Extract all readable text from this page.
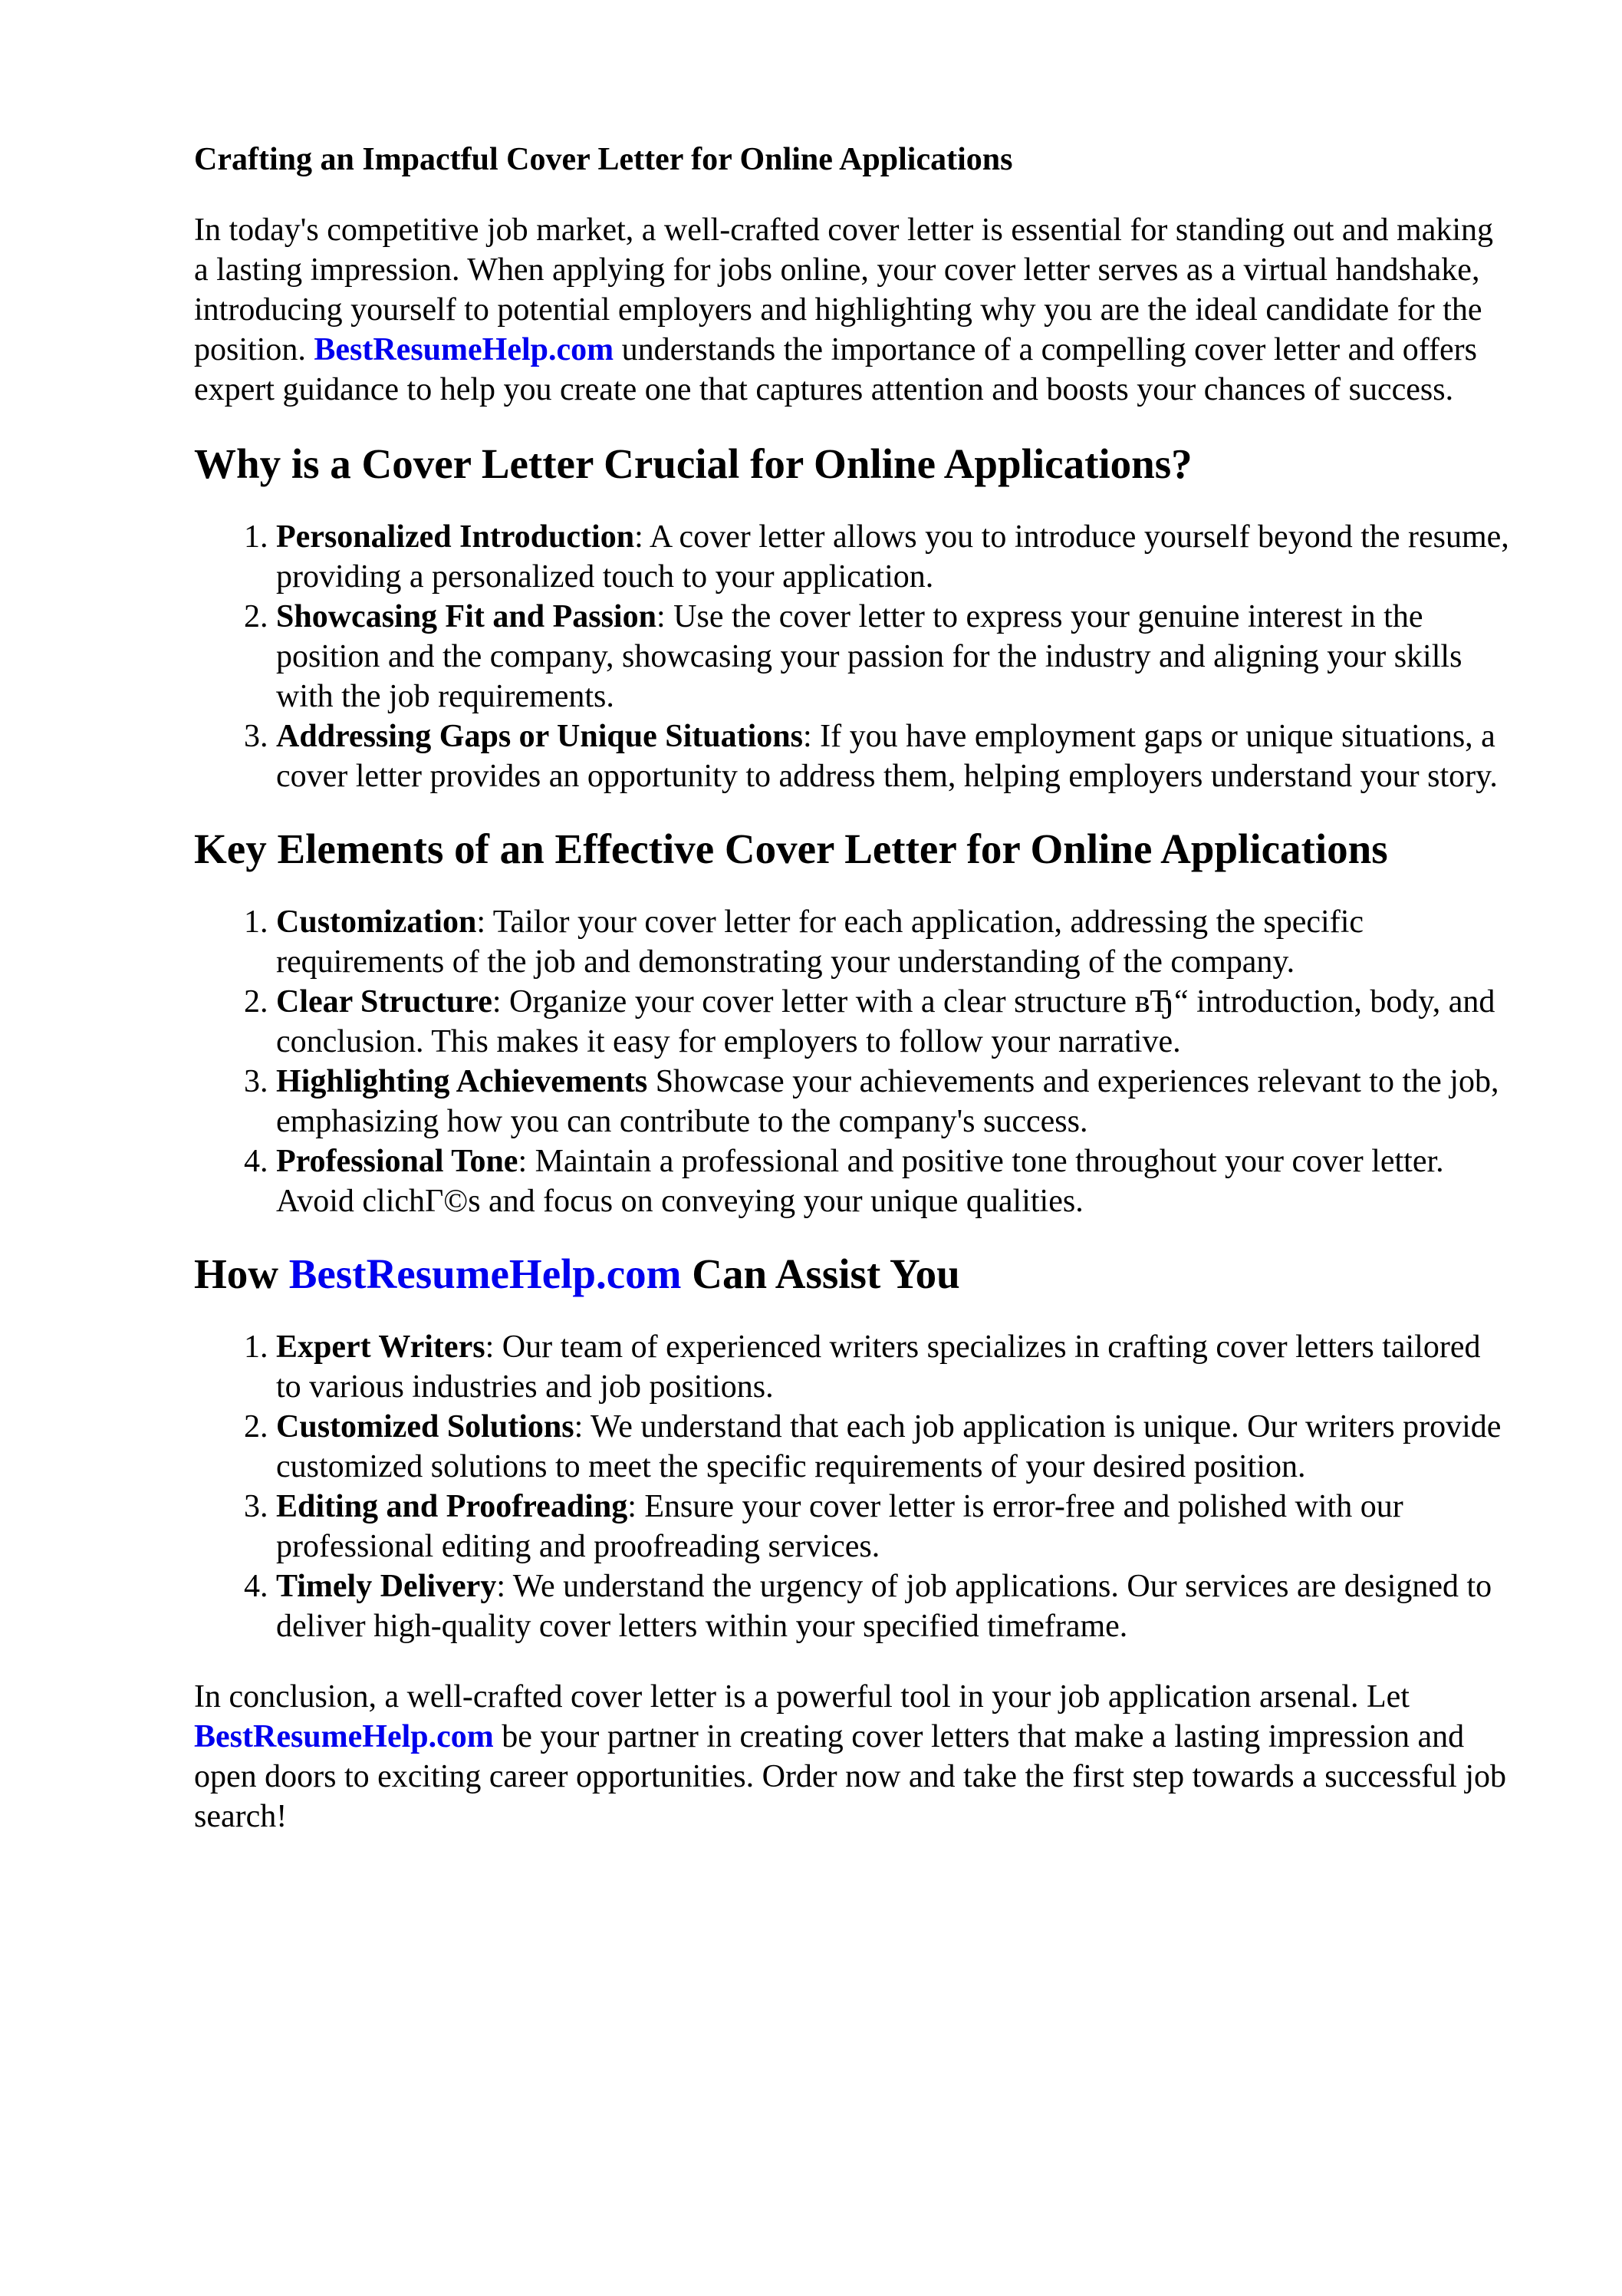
Crafting an Impactful Cover Letter for Online Applications

In today's competitive job market, a well-crafted cover letter is essential for standing out and making a lasting impression. When applying for jobs online, your cover letter serves as a virtual handshake, introducing yourself to potential employers and highlighting why you are the ideal candidate for the position. BestResumeHelp.com understands the importance of a compelling cover letter and offers expert guidance to help you create one that captures attention and boosts your chances of success.

Why is a Cover Letter Crucial for Online Applications?
1. Personalized Introduction: A cover letter allows you to introduce yourself beyond the resume, providing a personalized touch to your application.
2. Showcasing Fit and Passion: Use the cover letter to express your genuine interest in the position and the company, showcasing your passion for the industry and aligning your skills with the job requirements.
3. Addressing Gaps or Unique Situations: If you have employment gaps or unique situations, a cover letter provides an opportunity to address them, helping employers understand your story.
Key Elements of an Effective Cover Letter for Online Applications
1. Customization: Tailor your cover letter for each application, addressing the specific requirements of the job and demonstrating your understanding of the company.
2. Clear Structure: Organize your cover letter with a clear structure вЂ“ introduction, body, and conclusion. This makes it easy for employers to follow your narrative.
3. Highlighting Achievements Showcase your achievements and experiences relevant to the job, emphasizing how you can contribute to the company's success.
4. Professional Tone: Maintain a professional and positive tone throughout your cover letter. Avoid clichГ©s and focus on conveying your unique qualities.
How BestResumeHelp.com Can Assist You
1. Expert Writers: Our team of experienced writers specializes in crafting cover letters tailored to various industries and job positions.
2. Customized Solutions: We understand that each job application is unique. Our writers provide customized solutions to meet the specific requirements of your desired position.
3. Editing and Proofreading: Ensure your cover letter is error-free and polished with our professional editing and proofreading services.
4. Timely Delivery: We understand the urgency of job applications. Our services are designed to deliver high-quality cover letters within your specified timeframe.

In conclusion, a well-crafted cover letter is a powerful tool in your job application arsenal. Let BestResumeHelp.com be your partner in creating cover letters that make a lasting impression and open doors to exciting career opportunities. Order now and take the first step towards a successful job search!
